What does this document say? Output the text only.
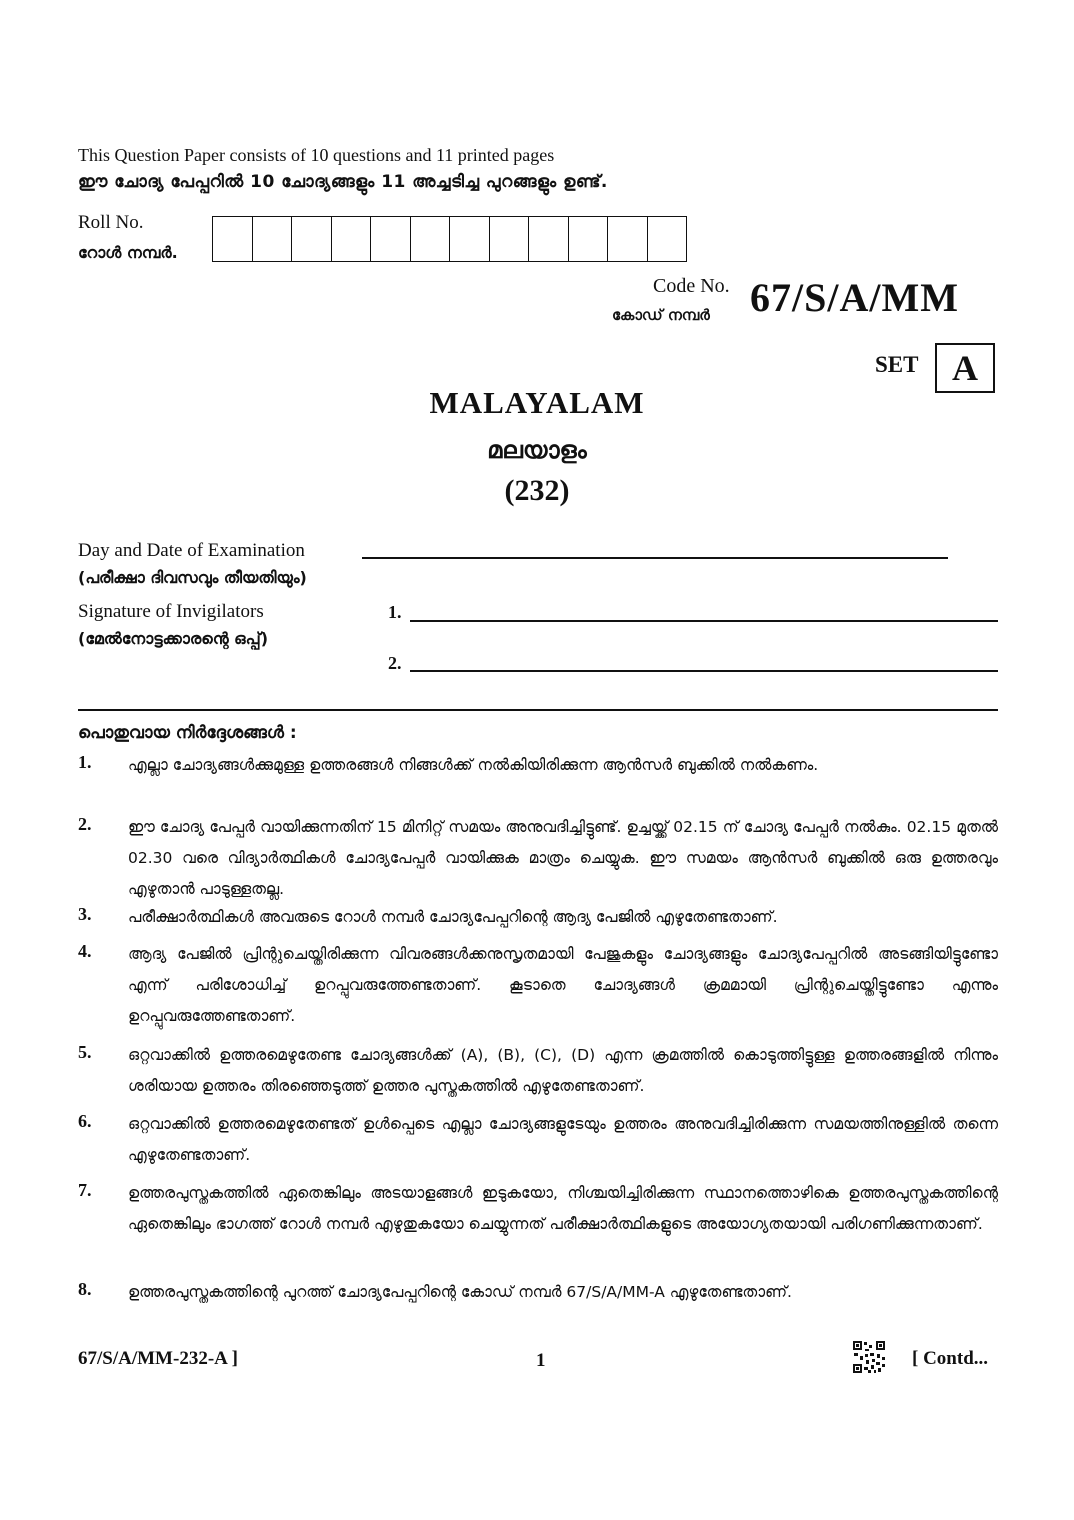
This Question Paper consists of 10 questions and 11 printed pages
ഈ ചോദ്യ പേപ്പറിൽ 10 ചോദ്യങ്ങളും 11 അച്ചടിച്ച പുറങ്ങളും ഉണ്ട്.
Roll No.
റോൾ നമ്പർ.
Code No.
കോഡ് നമ്പർ 67/S/A/MM
SET A
MALAYALAM
മലയാളം
(232)
Day and Date of Examination
(പരീക്ഷാ ദിവസവും തീയതിയും)
Signature of Invigilators
(മേൽനോട്ടക്കാരന്റെ ഒപ്പ്)
1.
2.
പൊതുവായ നിർദ്ദേശങ്ങൾ :
1.	എല്ലാ ചോദ്യങ്ങൾക്കുമുള്ള ഉത്തരങ്ങൾ നിങ്ങൾക്ക് നൽകിയിരിക്കുന്ന ആൻസർ ബുക്കിൽ നൽകണം.
2.	ഈ ചോദ്യ പേപ്പർ വായിക്കുന്നതിന് 15 മിനിറ്റ് സമയം അനുവദിച്ചിട്ടുണ്ട്. ഉച്ചയ്ക്ക് 02.15 ന് ചോദ്യ പേപ്പർ നൽകും. 02.15 മുതൽ 02.30 വരെ വിദ്യാർത്ഥികൾ ചോദ്യപേപ്പർ വായിക്കുക മാത്രം ചെയ്യുക. ഈ സമയം ആൻസർ ബുക്കിൽ ഒരു ഉത്തരവും എഴുതാൻ പാടുള്ളതല്ല.
3.	പരീക്ഷാർത്ഥികൾ അവരുടെ റോൾ നമ്പർ ചോദ്യപേപ്പറിന്റെ ആദ്യ പേജിൽ എഴുതേണ്ടതാണ്.
4.	ആദ്യ പേജിൽ പ്രിന്റുചെയ്തിരിക്കുന്ന വിവരങ്ങൾക്കനുസൃതമായി പേജുകളും ചോദ്യങ്ങളും ചോദ്യപേപ്പറിൽ അടങ്ങിയിട്ടുണ്ടോ എന്ന് പരിശോധിച്ച് ഉറപ്പുവരുത്തേണ്ടതാണ്. കൂടാതെ ചോദ്യങ്ങൾ ക്രമമായി പ്രിന്റുചെയ്തിട്ടുണ്ടോ എന്നും ഉറപ്പുവരുത്തേണ്ടതാണ്.
5.	ഒറ്റവാക്കിൽ ഉത്തരമെഴുതേണ്ട ചോദ്യങ്ങൾക്ക് (A), (B), (C), (D) എന്ന ക്രമത്തിൽ കൊടുത്തിട്ടുള്ള ഉത്തരങ്ങളിൽ നിന്നും ശരിയായ ഉത്തരം തിരഞ്ഞെടുത്ത് ഉത്തര പുസ്തകത്തിൽ എഴുതേണ്ടതാണ്.
6.	ഒറ്റവാക്കിൽ ഉത്തരമെഴുതേണ്ടത് ഉൾപ്പെടെ എല്ലാ ചോദ്യങ്ങളുടേയും ഉത്തരം അനുവദിച്ചിരിക്കുന്ന സമയത്തിനുള്ളിൽ തന്നെ എഴുതേണ്ടതാണ്.
7.	ഉത്തരപുസ്തകത്തിൽ ഏതെങ്കിലും അടയാളങ്ങൾ ഇടുകയോ, നിശ്ചയിച്ചിരിക്കുന്ന സ്ഥാനത്തൊഴികെ ഉത്തരപുസ്തകത്തിന്റെ ഏതെങ്കിലും ഭാഗത്ത് റോൾ നമ്പർ എഴുതുകയോ ചെയ്യുന്നത് പരീക്ഷാർത്ഥികളുടെ അയോഗ്യതയായി പരിഗണിക്കുന്നതാണ്.
8.	ഉത്തരപുസ്തകത്തിന്റെ പുറത്ത് ചോദ്യപേപ്പറിന്റെ കോഡ് നമ്പർ 67/S/A/MM-A എഴുതേണ്ടതാണ്.
67/S/A/MM-232-A ]	1	[ Contd...
